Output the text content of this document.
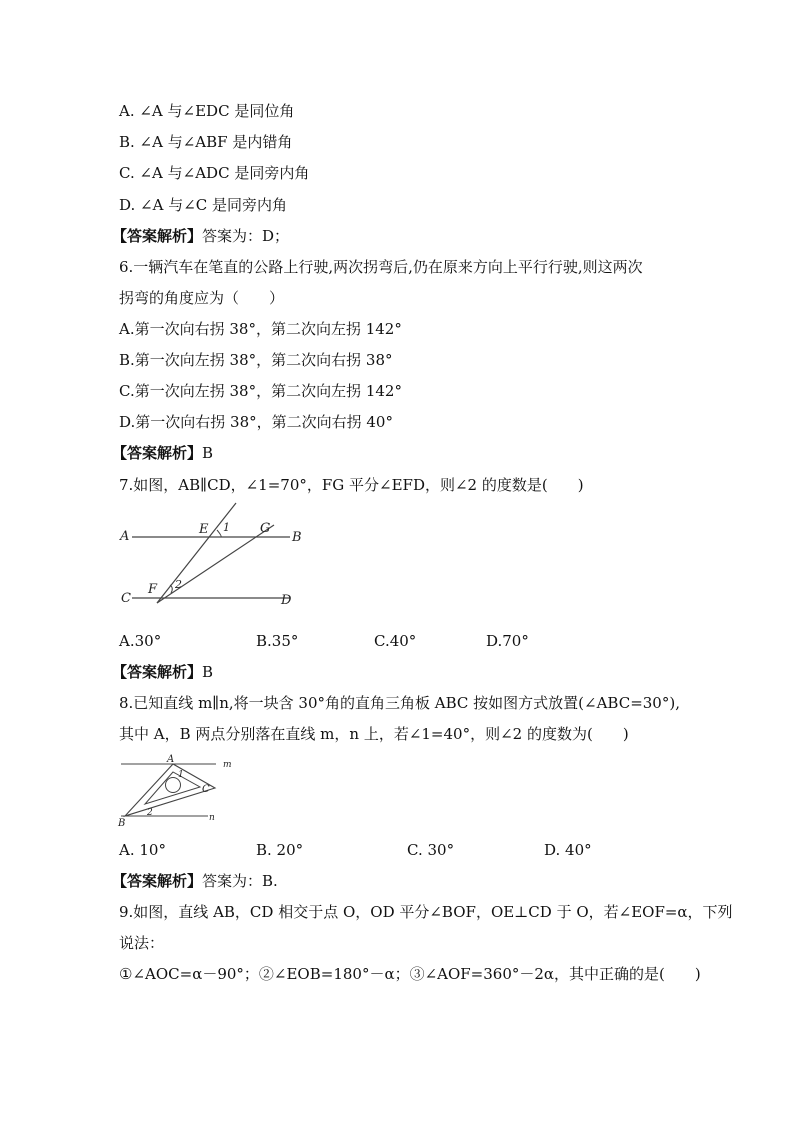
A. ∠A 与∠EDC 是同位角
B. ∠A 与∠ABF 是内错角
C. ∠A 与∠ADC 是同旁内角
D. ∠A 与∠C 是同旁内角
【答案解析】答案为：D；
6.一辆汽车在笔直的公路上行驶,两次拐弯后,仍在原来方向上平行行驶,则这两次
拐弯的角度应为（　　）
A.第一次向右拐 38°，第二次向左拐 142°
B.第一次向左拐 38°，第二次向右拐 38°
C.第一次向左拐 38°，第二次向左拐 142°
D.第一次向右拐 38°，第二次向右拐 40°
【答案解析】B
7.如图，AB∥CD，∠1=70°，FG 平分∠EFD，则∠2 的度数是(　　)
A	B
C	D
E
F
G
1
2
A.30°	B.35°	C.40°	D.70°
【答案解析】B
8.已知直线 m∥n,将一块含 30°角的直角三角板 ABC 按如图方式放置(∠ABC=30°),
其中 A，B 两点分别落在直线 m，n 上，若∠1=40°，则∠2 的度数为(　　)
A
B
C
m
n
1
2
A. 10°	B. 20°	C. 30°	D. 40°
【答案解析】答案为：B.
9.如图，直线 AB，CD 相交于点 O，OD 平分∠BOF，OE⊥CD 于 O，若∠EOF=α，下列
说法：
①∠AOC=α－90°；②∠EOB=180°－α；③∠AOF=360°－2α，其中正确的是(　　)
